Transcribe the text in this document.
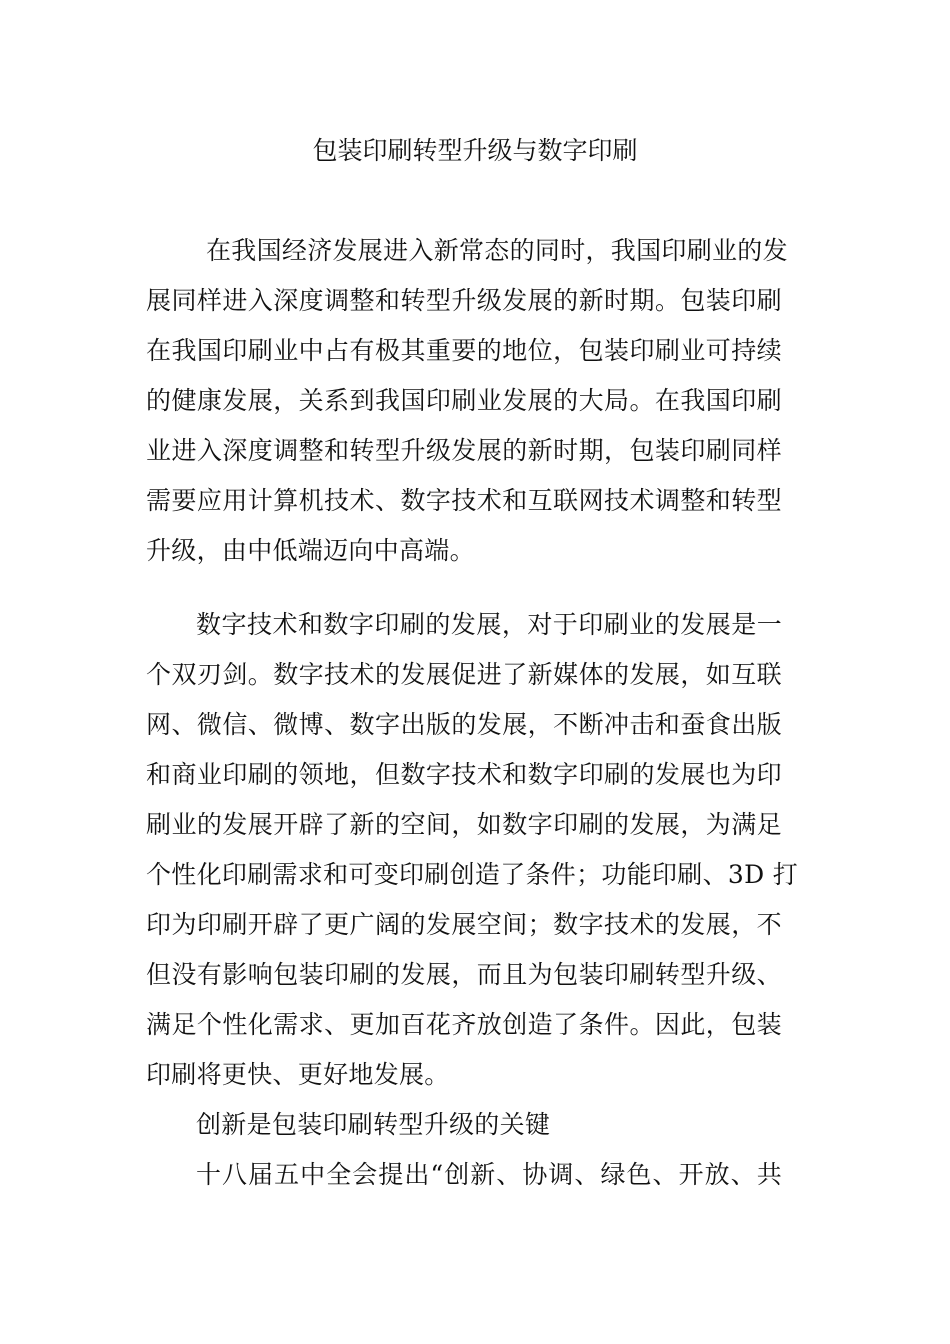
包装印刷转型升级与数字印刷
在我国经济发展进入新常态的同时，我国印刷业的发
展同样进入深度调整和转型升级发展的新时期。包装印刷
在我国印刷业中占有极其重要的地位，包装印刷业可持续
的健康发展，关系到我国印刷业发展的大局。在我国印刷
业进入深度调整和转型升级发展的新时期，包装印刷同样
需要应用计算机技术、数字技术和互联网技术调整和转型
升级，由中低端迈向中高端。
数字技术和数字印刷的发展，对于印刷业的发展是一
个双刃剑。数字技术的发展促进了新媒体的发展，如互联
网、微信、微博、数字出版的发展，不断冲击和蚕食出版
和商业印刷的领地，但数字技术和数字印刷的发展也为印
刷业的发展开辟了新的空间，如数字印刷的发展，为满足
个性化印刷需求和可变印刷创造了条件；功能印刷、3D 打
印为印刷开辟了更广阔的发展空间；数字技术的发展，不
但没有影响包装印刷的发展，而且为包装印刷转型升级、
满足个性化需求、更加百花齐放创造了条件。因此，包装
印刷将更快、更好地发展。
创新是包装印刷转型升级的关键
十八届五中全会提出“创新、协调、绿色、开放、共
